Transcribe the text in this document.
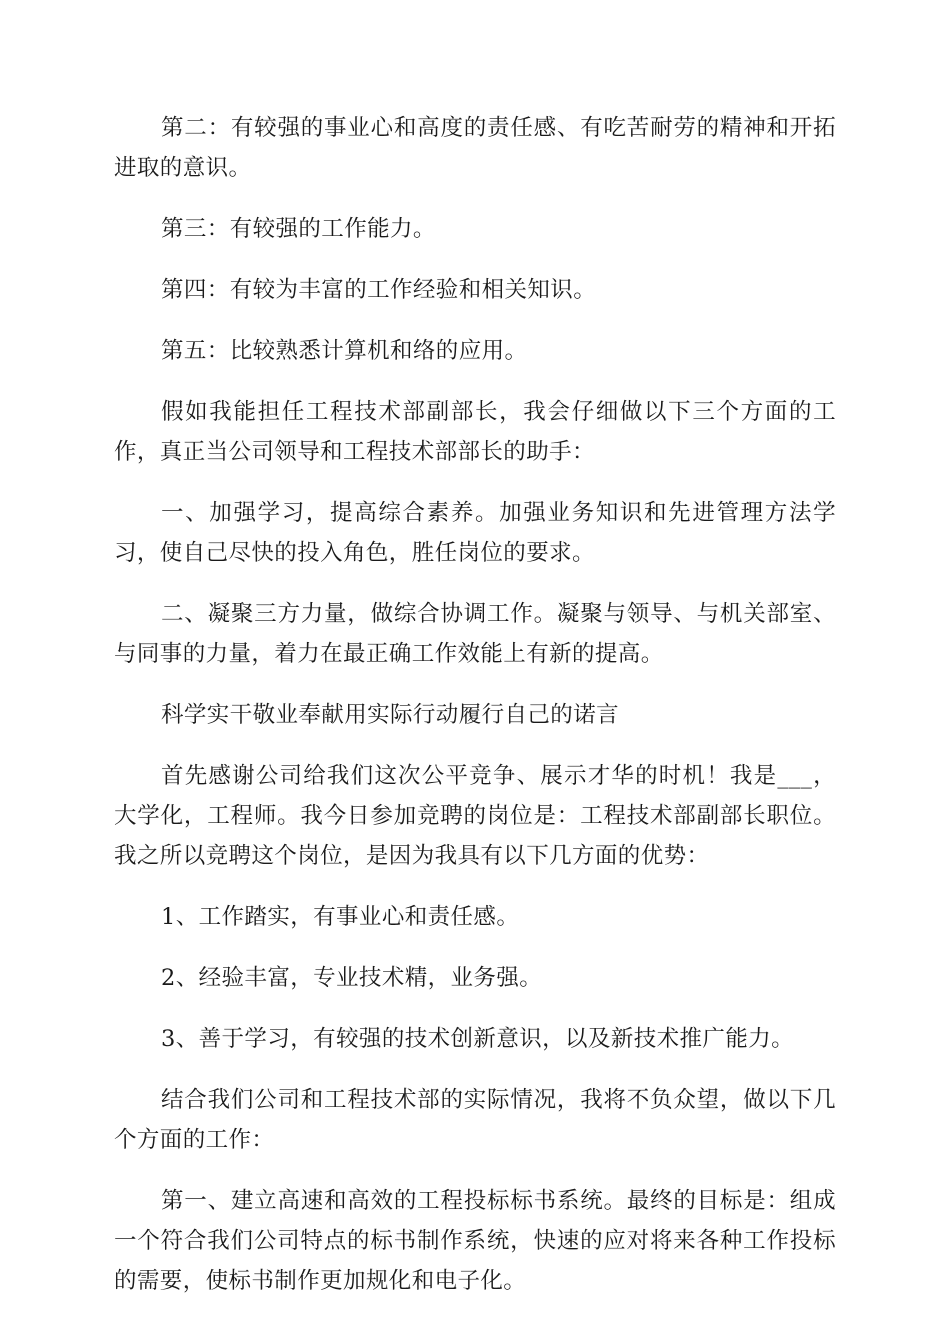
第二：有较强的事业心和高度的责任感、有吃苦耐劳的精神和开拓进取的意识。

第三：有较强的工作能力。

第四：有较为丰富的工作经验和相关知识。

第五：比较熟悉计算机和络的应用。

假如我能担任工程技术部副部长，我会仔细做以下三个方面的工作，真正当公司领导和工程技术部部长的助手：

一、加强学习，提高综合素养。加强业务知识和先进管理方法学习，使自己尽快的投入角色，胜任岗位的要求。

二、凝聚三方力量，做综合协调工作。凝聚与领导、与机关部室、与同事的力量，着力在最正确工作效能上有新的提高。

科学实干敬业奉献用实际行动履行自己的诺言

首先感谢公司给我们这次公平竞争、展示才华的时机！我是___，大学化，工程师。我今日参加竞聘的岗位是：工程技术部副部长职位。我之所以竞聘这个岗位，是因为我具有以下几方面的优势：

1、工作踏实，有事业心和责任感。

2、经验丰富，专业技术精，业务强。

3、善于学习，有较强的技术创新意识，以及新技术推广能力。

结合我们公司和工程技术部的实际情况，我将不负众望，做以下几个方面的工作：

第一、建立高速和高效的工程投标标书系统。最终的目标是：组成一个符合我们公司特点的标书制作系统，快速的应对将来各种工作投标的需要，使标书制作更加规化和电子化。
